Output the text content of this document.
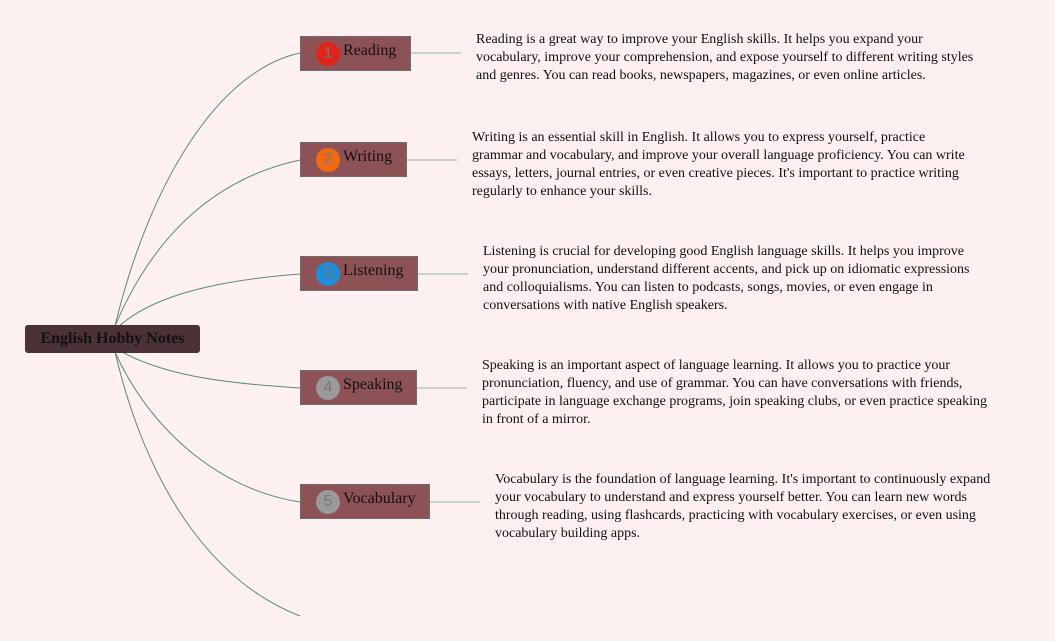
English Hobby Notes
1 Reading
Reading is a great way to improve your English skills. It helps you expand your vocabulary, improve your comprehension, and expose yourself to different writing styles and genres. You can read books, newspapers, magazines, or even online articles.
2 Writing
Writing is an essential skill in English. It allows you to express yourself, practice grammar and vocabulary, and improve your overall language proficiency. You can write essays, letters, journal entries, or even creative pieces. It's important to practice writing regularly to enhance your skills.
3 Listening
Listening is crucial for developing good English language skills. It helps you improve your pronunciation, understand different accents, and pick up on idiomatic expressions and colloquialisms. You can listen to podcasts, songs, movies, or even engage in conversations with native English speakers.
4 Speaking
Speaking is an important aspect of language learning. It allows you to practice your pronunciation, fluency, and use of grammar. You can have conversations with friends, participate in language exchange programs, join speaking clubs, or even practice speaking in front of a mirror.
5 Vocabulary
Vocabulary is the foundation of language learning. It's important to continuously expand your vocabulary to understand and express yourself better. You can learn new words through reading, using flashcards, practicing with vocabulary exercises, or even using vocabulary building apps.
